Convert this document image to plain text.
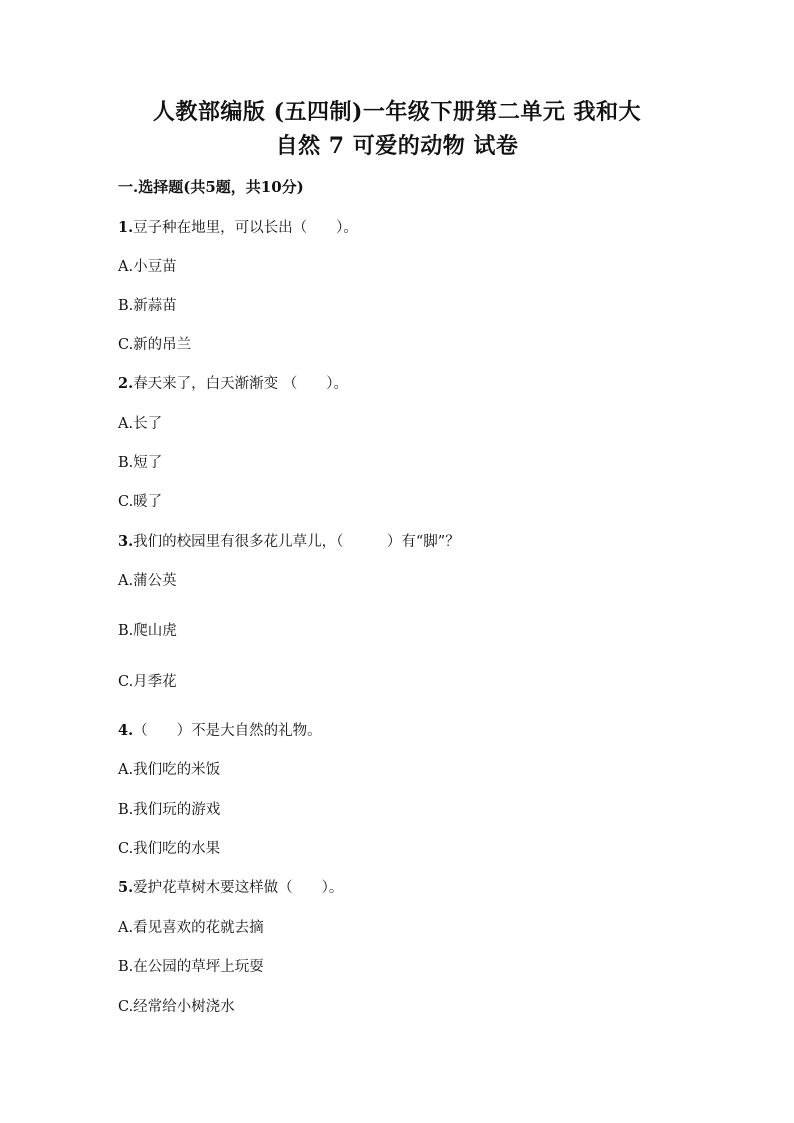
人教部编版 (五四制)一年级下册第二单元 我和大
自然 7 可爱的动物 试卷
一.选择题(共5题，共10分)
1.豆子种在地里，可以长出（　　）。
A.小豆苗
B.新蒜苗
C.新的吊兰
2.春天来了，白天渐渐变 （　　）。
A.长了
B.短了
C.暖了
3.我们的校园里有很多花儿草儿，（　　　）有“脚”？
A.蒲公英
B.爬山虎
C.月季花
4.（　　）不是大自然的礼物。
A.我们吃的米饭
B.我们玩的游戏
C.我们吃的水果
5.爱护花草树木要这样做（　　）。
A.看见喜欢的花就去摘
B.在公园的草坪上玩耍
C.经常给小树浇水
